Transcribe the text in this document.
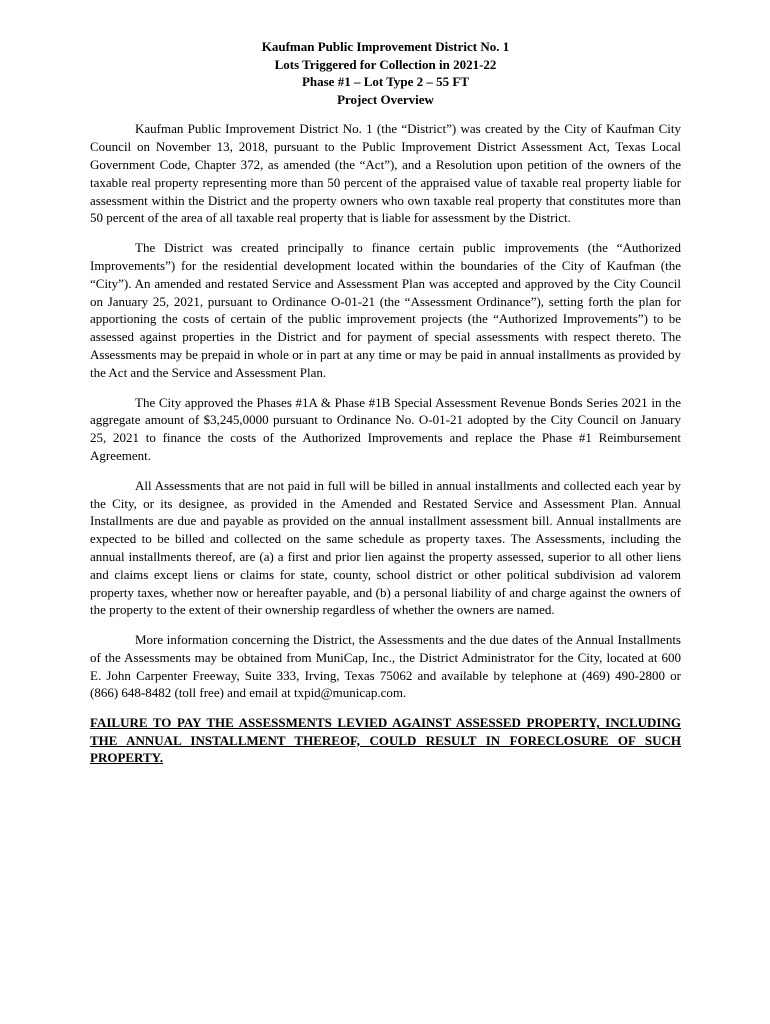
Kaufman Public Improvement District No. 1
Lots Triggered for Collection in 2021-22
Phase #1 – Lot Type 2 – 55 FT
Project Overview

Kaufman Public Improvement District No. 1 (the “District”) was created by the City of Kaufman City Council on November 13, 2018, pursuant to the Public Improvement District Assessment Act, Texas Local Government Code, Chapter 372, as amended (the “Act”), and a Resolution upon petition of the owners of the taxable real property representing more than 50 percent of the appraised value of taxable real property liable for assessment within the District and the property owners who own taxable real property that constitutes more than 50 percent of the area of all taxable real property that is liable for assessment by the District.

The District was created principally to finance certain public improvements (the “Authorized Improvements”) for the residential development located within the boundaries of the City of Kaufman (the “City”). An amended and restated Service and Assessment Plan was accepted and approved by the City Council on January 25, 2021, pursuant to Ordinance O-01-21 (the “Assessment Ordinance”), setting forth the plan for apportioning the costs of certain of the public improvement projects (the “Authorized Improvements”) to be assessed against properties in the District and for payment of special assessments with respect thereto. The Assessments may be prepaid in whole or in part at any time or may be paid in annual installments as provided by the Act and the Service and Assessment Plan.

The City approved the Phases #1A & Phase #1B Special Assessment Revenue Bonds Series 2021 in the aggregate amount of $3,245,0000 pursuant to Ordinance No. O-01-21 adopted by the City Council on January 25, 2021 to finance the costs of the Authorized Improvements and replace the Phase #1 Reimbursement Agreement.

All Assessments that are not paid in full will be billed in annual installments and collected each year by the City, or its designee, as provided in the Amended and Restated Service and Assessment Plan. Annual Installments are due and payable as provided on the annual installment assessment bill. Annual installments are expected to be billed and collected on the same schedule as property taxes. The Assessments, including the annual installments thereof, are (a) a first and prior lien against the property assessed, superior to all other liens and claims except liens or claims for state, county, school district or other political subdivision ad valorem property taxes, whether now or hereafter payable, and (b) a personal liability of and charge against the owners of the property to the extent of their ownership regardless of whether the owners are named.

More information concerning the District, the Assessments and the due dates of the Annual Installments of the Assessments may be obtained from MuniCap, Inc., the District Administrator for the City, located at 600 E. John Carpenter Freeway, Suite 333, Irving, Texas 75062 and available by telephone at (469) 490-2800 or (866) 648-8482 (toll free) and email at txpid@municap.com.

FAILURE TO PAY THE ASSESSMENTS LEVIED AGAINST ASSESSED PROPERTY, INCLUDING THE ANNUAL INSTALLMENT THEREOF, COULD RESULT IN FORECLOSURE OF SUCH PROPERTY.
